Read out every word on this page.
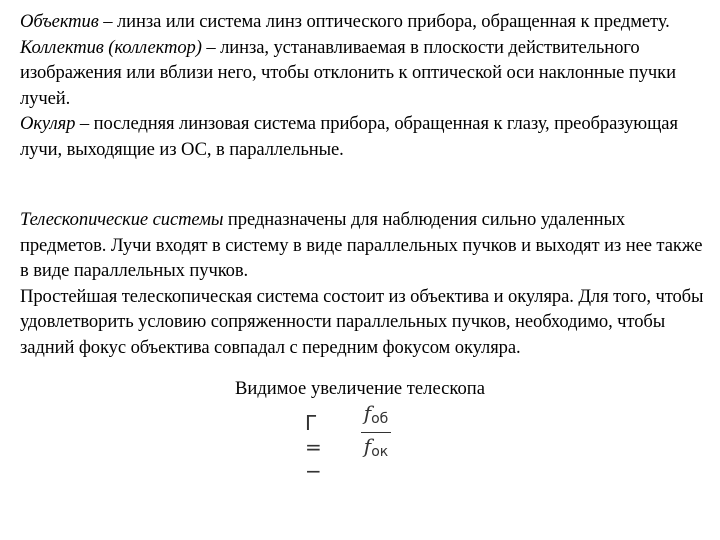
Объектив – линза или система линз оптического прибора, обращенная к предмету.
Коллектив (коллектор) – линза, устанавливаемая в плоскости действительного изображения или вблизи него, чтобы отклонить к оптической оси наклонные пучки лучей.
Окуляр – последняя линзовая система прибора, обращенная к глазу, преобразующая лучи, выходящие из ОС, в параллельные.
Телескопические системы предназначены для наблюдения сильно удаленных предметов. Лучи входят в систему в виде параллельных пучков и выходят из нее также в виде параллельных пучков.
Простейшая телескопическая система состоит из объектива и окуляра. Для того, чтобы удовлетворить условию сопряженности параллельных пучков, необходимо, чтобы задний фокус объектива совпадал с передним фокусом окуляра.
Видимое увеличение телескопа
Г = −
$f_{об}$
$f_{ок}$
